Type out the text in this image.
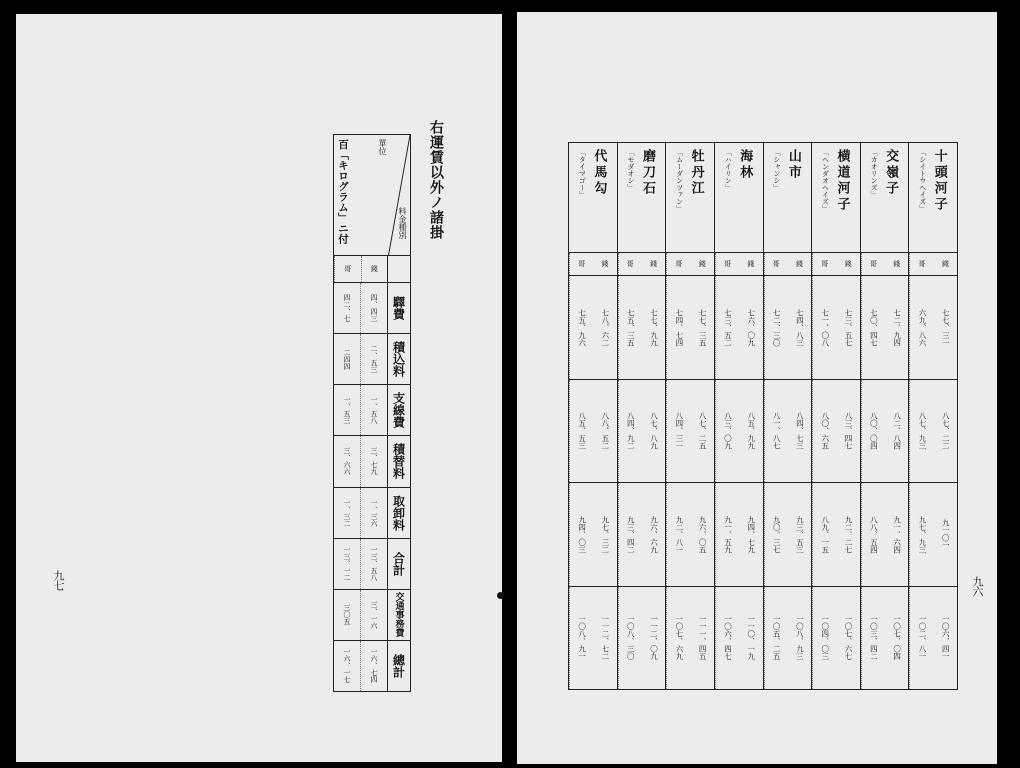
右運賃以外ノ諸掛
料金種別
單位
百「キログラム」ニ付
錢
哥
驛費
四、四三
四二、七
積込料
二、五三
二四四
支線費
一、五八
一、五三
積替料
三、七九
三、六六
取卸料
一、三六
一、三二
合計
一三、五八
一三、一二
交通事務費
三、一六
三〇五
總計
一六、七四
一六、一七
九七
十頭河子
「シイトウヘイズ」
錢
哥
七七、三一
六九、八六
八七、二二
八七、九三
九一〇一
九七、九三
一〇六、四一
一〇二、八一
交嶺子
「カオリンズ」
錢
哥
七二、九四
七〇、四七
八二、八四
八〇、〇四
九一、六四
八八、五四
一〇七、〇四
一〇三、四二
横道河子
「ヘンダオヘイズ」
錢
哥
七三、五七
七一、〇八
八三、四七
八〇、六五
九二、二七
八九、一五
一〇七、六七
一〇四、〇三
山市
「シャンシ」
錢
哥
七四、八三
七二、三〇
八四、七三
八一、八七
九三、五三
九〇、三七
一〇八、九三
一〇五、二五
海林
「ハイリン」
錢
哥
七六、〇九
七三、五二
八五、九九
八三、〇九
九四、七九
九一、五九
一一〇、一九
一〇六、四七
牡丹江
「ムーダンツァン」
錢
哥
七七、三五
七四、七四
八七、二五
八四、三一
九六、〇五
九二、八一
一一一、四五
一〇七、六九
磨刀石
「モダオシ」
錢
哥
七七、九九
七五、三五
八七、八九
八四、九二
九六、六九
九三、四二
一一二、〇九
一〇八、三〇
代馬勾
「タイマゴー」
錢
哥
七八、六二
七五、九六
八八、五二
八五、五三
九七、三二
九四、〇三
一一二、七二
一〇八、九一
九六
